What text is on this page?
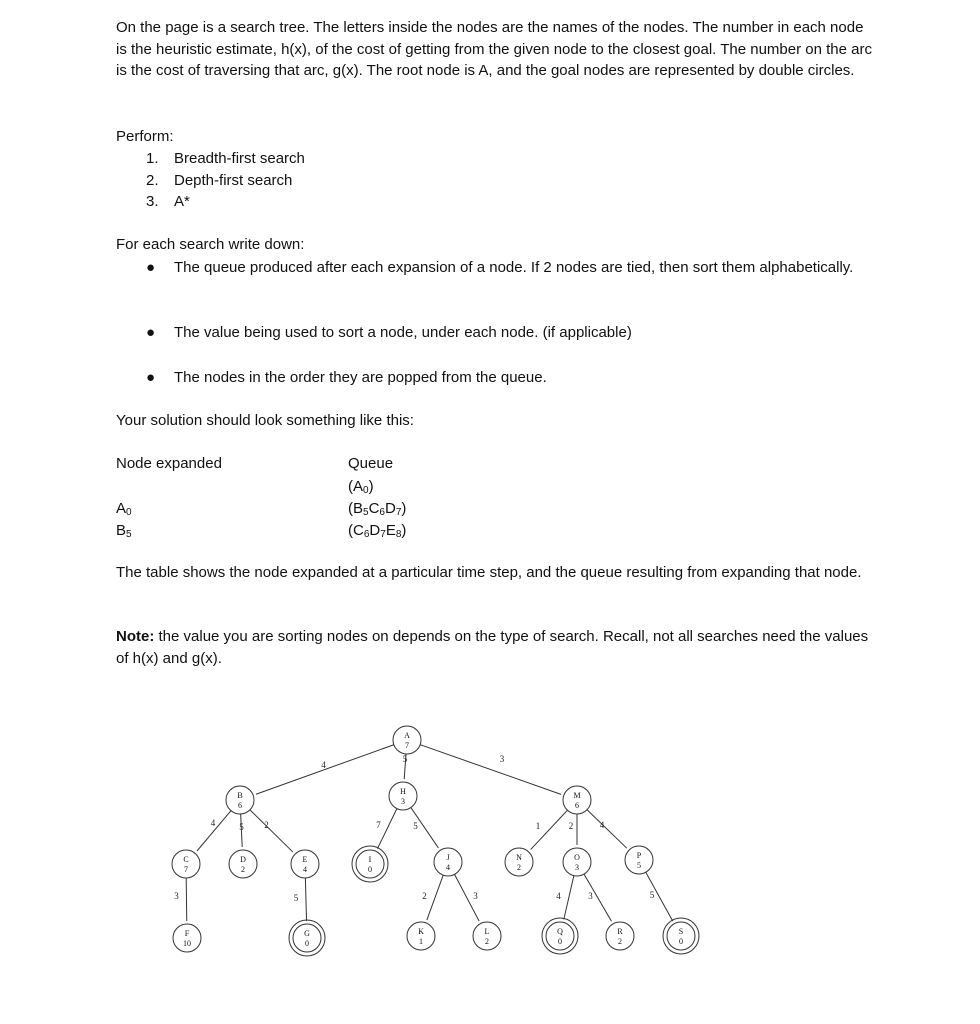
On the page is a search tree. The letters inside the nodes are the names of the nodes. The number in each node is the heuristic estimate, h(x), of the cost of getting from the given node to the closest goal. The number on the arc is the cost of traversing that arc, g(x). The root node is A, and the goal nodes are represented by double circles.
Perform:
1. Breadth-first search
2. Depth-first search
3. A*
For each search write down:
● The queue produced after each expansion of a node. If 2 nodes are tied, then sort them alphabetically.
● The value being used to sort a node, under each node. (if applicable)
● The nodes in the order they are popped from the queue.
Your solution should look something like this:
Node expanded	Queue
$(A_0)$
$A_0$	$(B_5C_6D_7)$
$B_5$	$(C_6D_7E_8)$
The table shows the node expanded at a particular time step, and the queue resulting from expanding that node.
Note: the value you are sorting nodes on depends on the type of search. Recall, not all searches need the values of h(x) and g(x).
4
5	3
4	5 2	7	5	1	2	4
3	5	2	3	4	3	5
A
7
B
6
H
3
M
6
C
7
D
2
E
4
I
0
J
4
N
2
O
3
P
5
F
10
G
0
K
1
L
2
Q
0
R
2
S
0
